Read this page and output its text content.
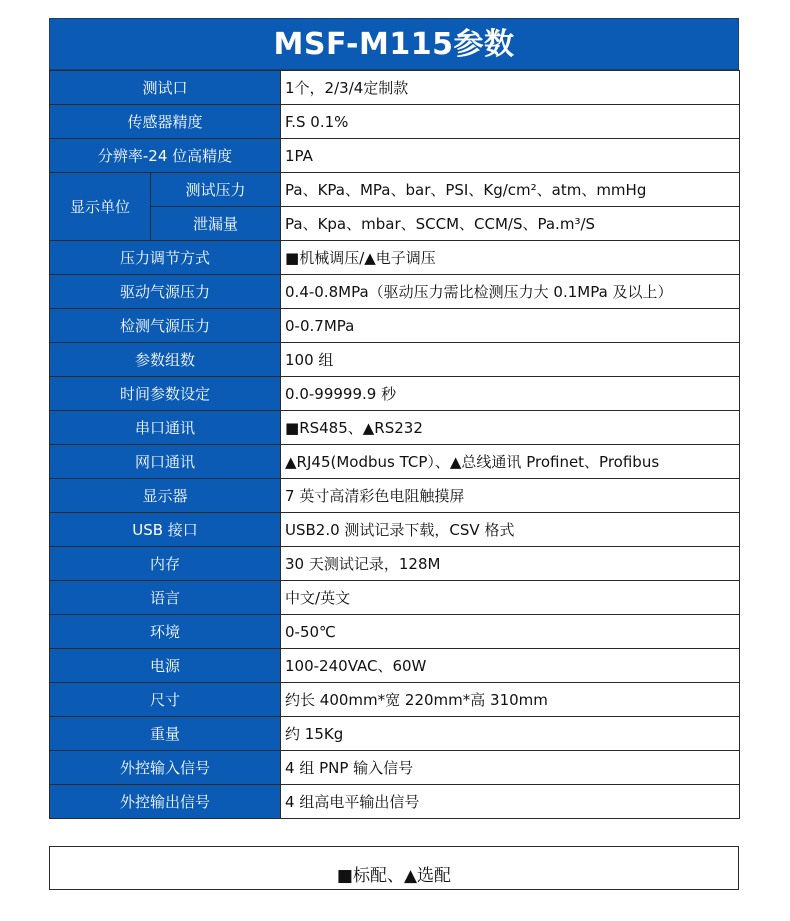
MSF-M115参数
测试口		1个，2/3/4定制款
传感器精度		F.S 0.1%
分辨率-24 位高精度		1PA
显示单位	测试压力	Pa、KPa、MPa、bar、PSI、Kg/cm²、atm、mmHg
	泄漏量	Pa、Kpa、mbar、SCCM、CCM/S、Pa.m³/S
压力调节方式		■机械调压/▲电子调压
驱动气源压力		0.4-0.8MPa（驱动压力需比检测压力大 0.1MPa 及以上）
检测气源压力		0-0.7MPa
参数组数		100 组
时间参数设定		0.0-99999.9 秒
串口通讯		■RS485、▲RS232
网口通讯		▲RJ45(Modbus TCP）、▲总线通讯 Profinet、Profibus
显示器		7 英寸高清彩色电阻触摸屏
USB 接口		USB2.0 测试记录下载，CSV 格式
内存		30 天测试记录，128M
语言		中文/英文
环境		0-50℃
电源		100-240VAC、60W
尺寸		约长 400mm*宽 220mm*高 310mm
重量		约 15Kg
外控输入信号		4 组 PNP 输入信号
外控输出信号		4 组高电平输出信号
■标配、▲选配
